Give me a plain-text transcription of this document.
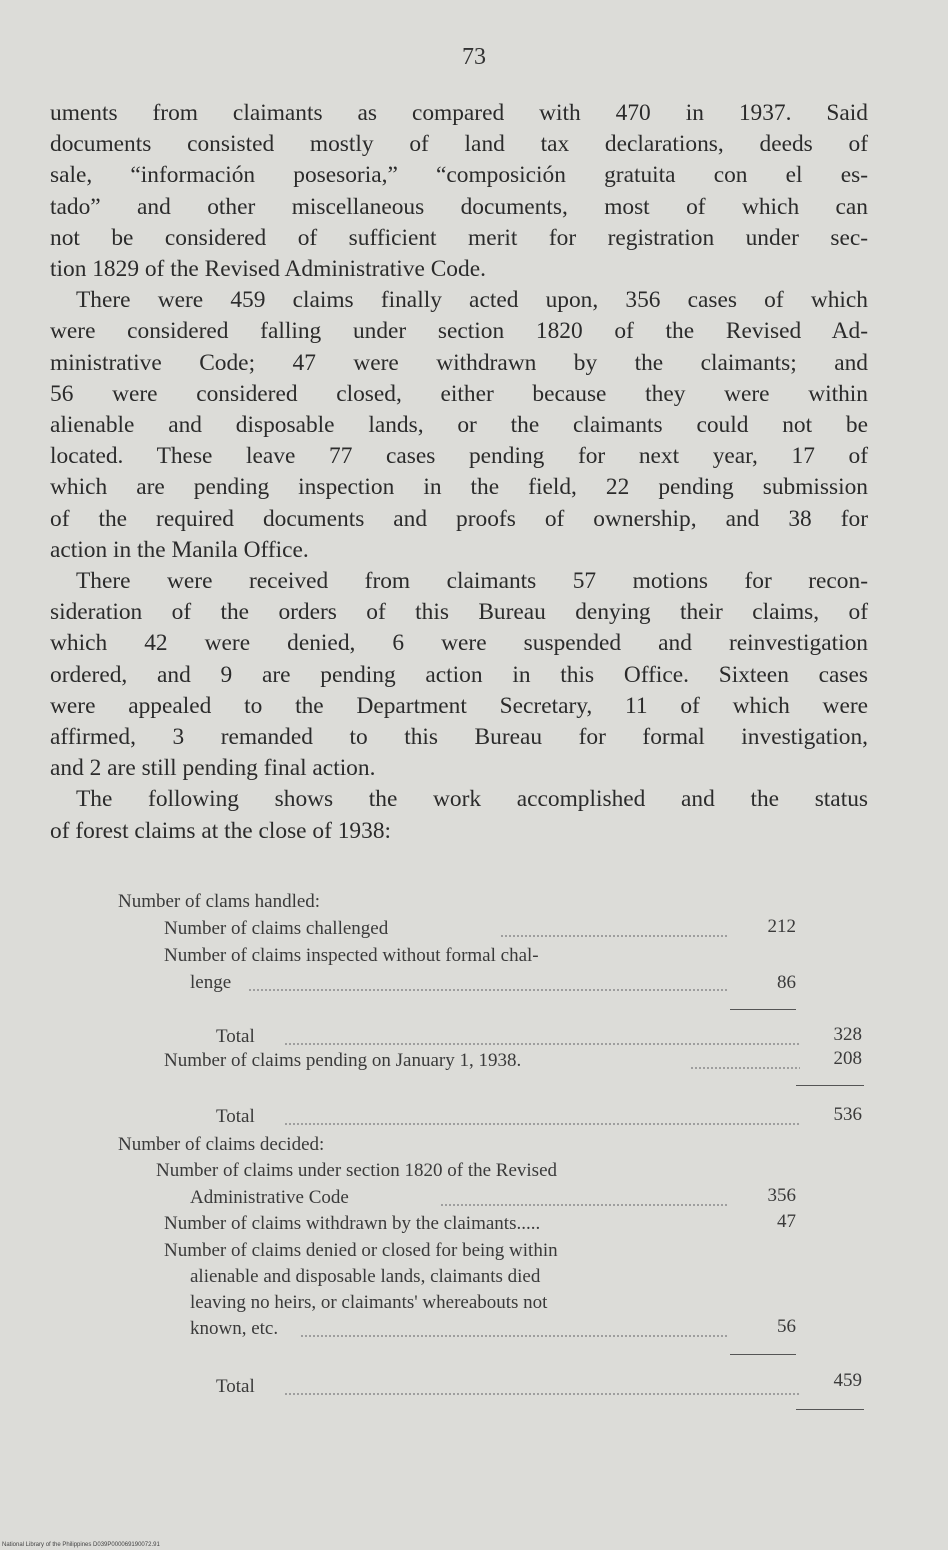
73

uments from claimants as compared with 470 in 1937. Said
documents consisted mostly of land tax declarations, deeds of
sale, “información posesoria,” “composición gratuita con el es-
tado” and other miscellaneous documents, most of which can
not be considered of sufficient merit for registration under sec-
tion 1829 of the Revised Administrative Code.

There were 459 claims finally acted upon, 356 cases of which
were considered falling under section 1820 of the Revised Ad-
ministrative Code; 47 were withdrawn by the claimants; and
56 were considered closed, either because they were within
alienable and disposable lands, or the claimants could not be
located. These leave 77 cases pending for next year, 17 of
which are pending inspection in the field, 22 pending submission
of the required documents and proofs of ownership, and 38 for
action in the Manila Office.

There were received from claimants 57 motions for recon-
sideration of the orders of this Bureau denying their claims, of
which 42 were denied, 6 were suspended and reinvestigation
ordered, and 9 are pending action in this Office. Sixteen cases
were appealed to the Department Secretary, 11 of which were
affirmed, 3 remanded to this Bureau for formal investigation,
and 2 are still pending final action.

The following shows the work accomplished and the status
of forest claims at the close of 1938:

Number of clams handled:
Number of claims challenged	212
Number of claims inspected without formal chal-
lenge	86
Total	328
Number of claims pending on January 1, 1938.	208
Total	536
Number of claims decided:
Number of claims under section 1820 of the Revised
Administrative Code	356
Number of claims withdrawn by the claimants.....	47
Number of claims denied or closed for being within
alienable and disposable lands, claimants died
leaving no heirs, or claimants' whereabouts not
known, etc.	56
Total	459
National Library of the Philippines D039P000069190072.91
